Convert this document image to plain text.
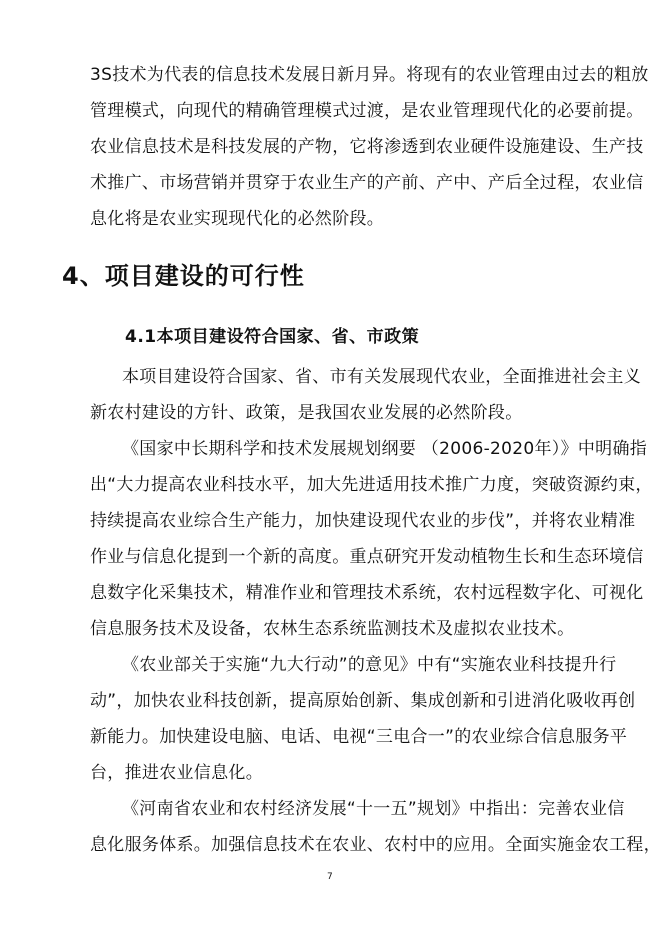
3S技术为代表的信息技术发展日新月异。将现有的农业管理由过去的粗放
管理模式，向现代的精确管理模式过渡，是农业管理现代化的必要前提。
农业信息技术是科技发展的产物，它将渗透到农业硬件设施建设、生产技
术推广、市场营销并贯穿于农业生产的产前、产中、产后全过程，农业信
息化将是农业实现现代化的必然阶段。
4、项目建设的可行性
4.1本项目建设符合国家、省、市政策
本项目建设符合国家、省、市有关发展现代农业，全面推进社会主义
新农村建设的方针、政策，是我国农业发展的必然阶段。
《国家中长期科学和技术发展规划纲要 （2006-2020年）》中明确指
出“大力提高农业科技水平，加大先进适用技术推广力度，突破资源约束，
持续提高农业综合生产能力，加快建设现代农业的步伐”，并将农业精准
作业与信息化提到一个新的高度。重点研究开发动植物生长和生态环境信
息数字化采集技术，精准作业和管理技术系统，农村远程数字化、可视化
信息服务技术及设备，农林生态系统监测技术及虚拟农业技术。
《农业部关于实施“九大行动”的意见》中有“实施农业科技提升行
动”，加快农业科技创新，提高原始创新、集成创新和引进消化吸收再创
新能力。加快建设电脑、电话、电视“三电合一”的农业综合信息服务平
台，推进农业信息化。
《河南省农业和农村经济发展“十一五”规划》中指出：完善农业信
息化服务体系。加强信息技术在农业、农村中的应用。全面实施金农工程，
7
